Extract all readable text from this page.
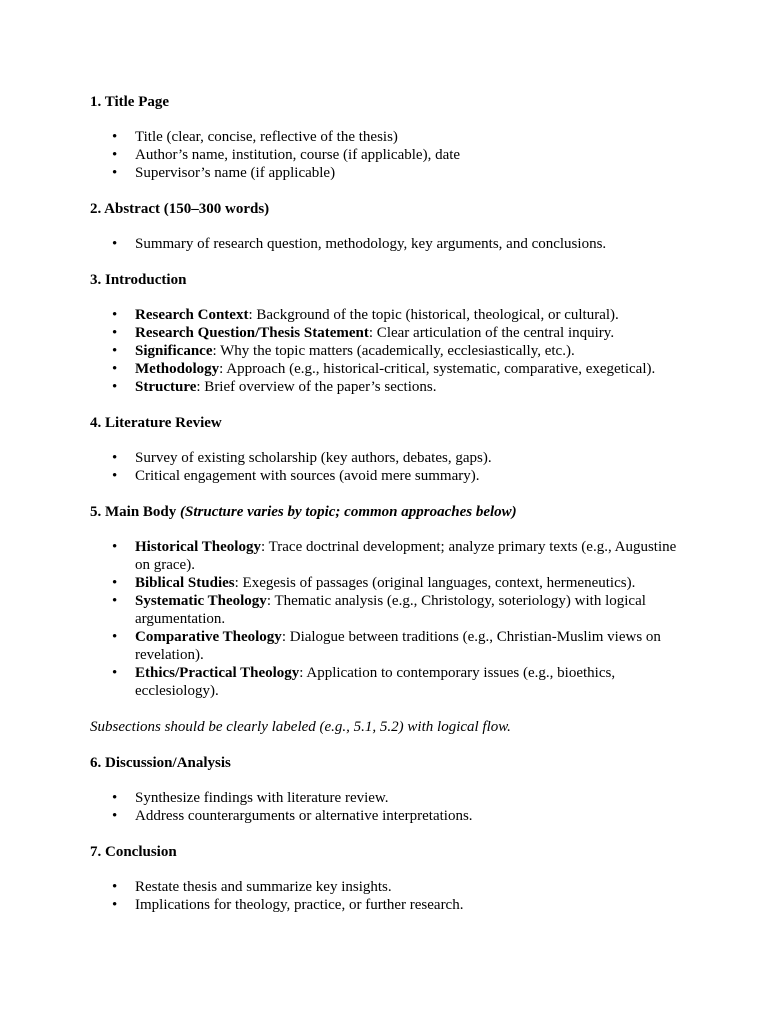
1. Title Page

• Title (clear, concise, reflective of the thesis)
• Author’s name, institution, course (if applicable), date
• Supervisor’s name (if applicable)

2. Abstract (150–300 words)

• Summary of research question, methodology, key arguments, and conclusions.

3. Introduction

• Research Context: Background of the topic (historical, theological, or cultural).
• Research Question/Thesis Statement: Clear articulation of the central inquiry.
• Significance: Why the topic matters (academically, ecclesiastically, etc.).
• Methodology: Approach (e.g., historical-critical, systematic, comparative, exegetical).
• Structure: Brief overview of the paper’s sections.

4. Literature Review

• Survey of existing scholarship (key authors, debates, gaps).
• Critical engagement with sources (avoid mere summary).

5. Main Body (Structure varies by topic; common approaches below)

• Historical Theology: Trace doctrinal development; analyze primary texts (e.g., Augustine on grace).
• Biblical Studies: Exegesis of passages (original languages, context, hermeneutics).
• Systematic Theology: Thematic analysis (e.g., Christology, soteriology) with logical argumentation.
• Comparative Theology: Dialogue between traditions (e.g., Christian-Muslim views on revelation).
• Ethics/Practical Theology: Application to contemporary issues (e.g., bioethics, ecclesiology).

Subsections should be clearly labeled (e.g., 5.1, 5.2) with logical flow.

6. Discussion/Analysis

• Synthesize findings with literature review.
• Address counterarguments or alternative interpretations.

7. Conclusion

• Restate thesis and summarize key insights.
• Implications for theology, practice, or further research.
